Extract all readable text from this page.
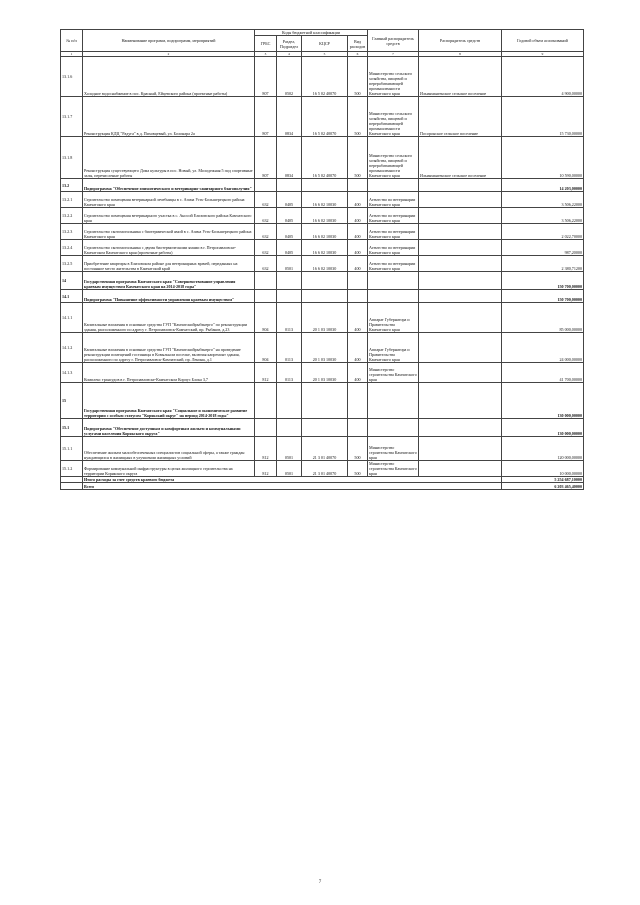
№ п/п	Наименование программ, подпрограмм, мероприятий	Коды бюджетной классификации				Главный распорядитель средств	Распорядитель средств	Годовой объем ассигнований
		ГРБС	Раздел, Подраздел	КЦСР	Вид расходов			
1	2	3	4	5	6	7	8	9
13.1.6	Холодное водоснабжение в пос. Красный, Ейцевского района (проектные работы)	807	0502	16 5 02 40070	500	Министерство сельского хозяйства, пищевой и перерабатывающей промышленности Камчатского края	Ильинмангенское сельское поселение	4 900,00000
13.1.7	Реконструкция КДЦ "Радуга" в д. Пиховцевый, ул. Болонара 2а	807	0834	16 5 02 40070	500	Министерство сельского хозяйства, пищевой и перерабатывающей промышленности Камчатского края	Посоронское сельское поселение	15 730,00000
13.1.8	Реконструкция существующего Дома культуры в пос. Новый, ул. Молодежная 5 под спортивные залы, перечисленые работы	807	0834	16 5 02 40070	500	Министерство сельского хозяйства, пищевой и перерабатывающей промышленности Камчатского края	Ильинмангенское сельское поселение	10 590,00000
13.2	Подпрограмма "Обеспечение эпизоотического и ветеринарно-санитарного благополучия"							14 203,00000
13.2.1	Строительство помещения ветеринарной лечебницы в с. Апача Усть-Большерецкого района Камчатского края	632	0405	16 6 02 10030	400	Агентство по ветеринарии Камчатского края		3 506,22000
13.2.2	Строительство помещения ветеринарного участка в с. Аносой Елизовского района Камчатского края	632	0405	16 6 02 10030	400	Агентство по ветеринарии Камчатского края		3 506,22000
13.2.3	Строительство скотомогильника с биотермической ямой в с. Апача Усть-Большерецкого района Камчатского края	632	0405	16 6 02 10030	400	Агентство по ветеринарии Камчатского края		2 022,70000
13.2.4	Строительство скотомогильника с двумя биотермическими ямами в г. Петропавловске-Камчатском Камчатского края (проектные работы)	632	0405	16 6 02 10030	400	Агентство по ветеринарии Камчатского края		987,20000
13.2.5	Приобретение квартиры в Елизовском районе для ветеринарных врачей, переданных на постоянное место жительства в Камчатский край	632	0501	16 6 02 10030	400	Агентство по ветеринарии Камчатского края		2 380,71200
14	Государственная программа Камчатского края "Совершенствование управления краевым имуществом Камчатского края на 2014-2018 годы"							150 700,00000
14.1	Подпрограмма "Повышение эффективности управления краевым имуществом"							150 700,00000
14.1.1	Капитальные вложения в основные средства ГУП "Камчатскийрыбэнерго" по реконструкции здания, расположенного по адресу г. Петропавловск-Камчатский, пр. Рыбаков, д.23	804	0113	20 1 03 10030	400	Аппарат Губернатора и Правительства Камчатского края		85 000,00000
14.1.2	Капитальные вложения в основные средства ГУП "Камчатскийрыбэнерго" на проведение реконструкции помещений гостиницы в Ковыльном поселке, включая капремонт здания, расположенного по адресу г. Петропавловск-Камчатский, пр. Ленина, д.1	804	0113	20 1 03 10030	400	Аппарат Губернатора и Правительства Камчатского края		24 000,00000
14.1.3	Комплекс трансудов в г. Петропавловске-Камчатском Корпус Блока 3,7	812	0113	20 1 03 10030	400	Министерство строительства Камчатского края		41 700,00000
15	Государственная программа Камчатского края "Социальное и экономическое развитие территории с особым статусом "Корякский округ" на период 2014-2018 годы"							130 000,00000
15.1	Подпрограмма "Обеспечение доступным и комфортным жильем и коммунальными услугами населения Корякского округа"							130 000,00000
15.1.1	Обеспечение жильем малообеспеченных специалистов социальной сферы, а также граждан нуждающихся в жилищных в улучшении жилищных условий	812	0501	21 3 01 40070	500	Министерство строительства Камчатского края		120 000,00000
15.1.2	Формирование коммунальной инфраструктуры в целях жилищного строительства на территории Корякского округа	812	0501	21 3 01 40070	500	Министерство строительства Камчатского края		10 000,00000
	Итого расходы за счет средств краевого бюджета							5 254 687,10000
	Всего							6 203 465,40000
7
